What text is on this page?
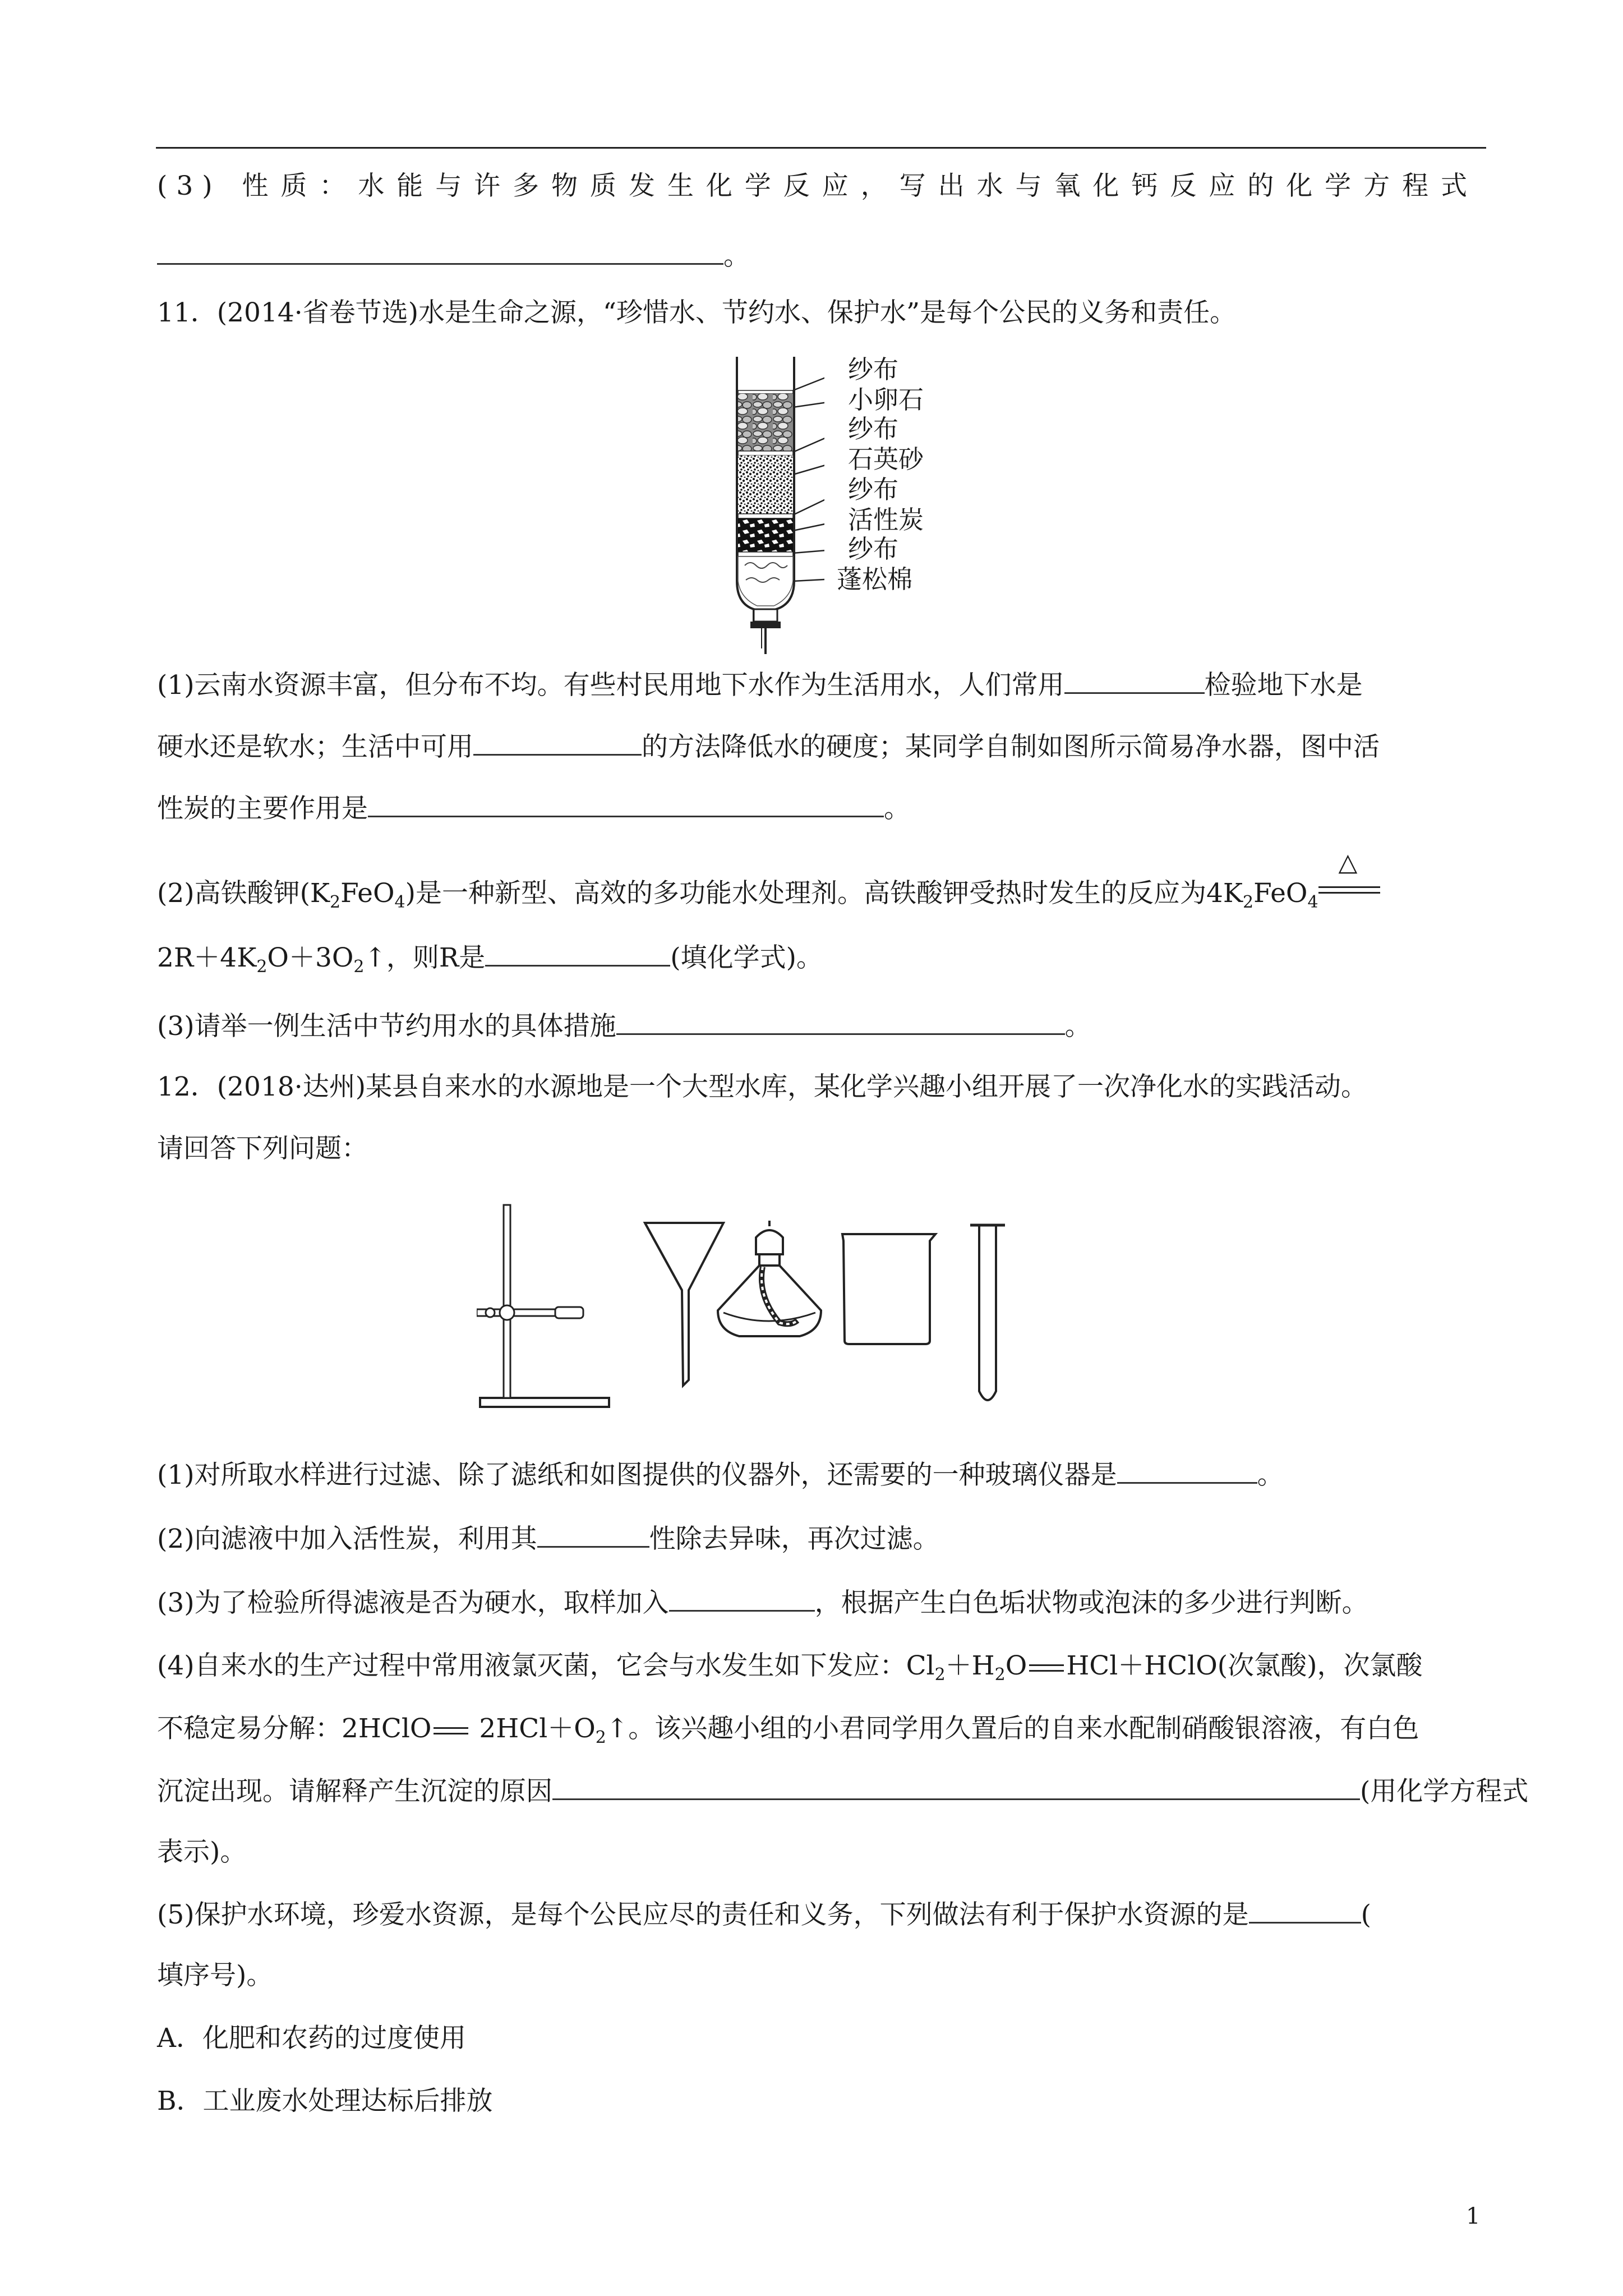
(3) 性质：水能与许多物质发生化学反应，写出水与氧化钙反应的化学方程式
。
11．(2014·省卷节选)水是生命之源，“珍惜水、节约水、保护水”是每个公民的义务和责任。
纱布
小卵石
纱布
石英砂
纱布
活性炭
纱布
蓬松棉
(1)云南水资源丰富，但分布不均。有些村民用地下水作为生活用水，人们常用	检验地下水是
硬水还是软水；生活中可用	的方法降低水的硬度；某同学自制如图所示简易净水器，图中活
性炭的主要作用是	。
(2)高铁酸钾$(K_2FeO_4)$是一种新型、高效的多功能水处理剂。高铁酸钾受热时发生的反应为$4K_2FeO_4$
△
$2R+4K_2O+3O_2↑$，则R是	(填化学式)。
(3)请举一例生活中节约用水的具体措施	。
12．(2018·达州)某县自来水的水源地是一个大型水库，某化学兴趣小组开展了一次净化水的实践活动。
请回答下列问题：
(1)对所取水样进行过滤、除了滤纸和如图提供的仪器外，还需要的一种玻璃仪器是	。
(2)向滤液中加入活性炭，利用其	性除去异味，再次过滤。
(3)为了检验所得滤液是否为硬水，取样加入	，根据产生白色垢状物或泡沫的多少进行判断。
(4)自来水的生产过程中常用液氯灭菌，它会与水发生如下发应：$Cl_2+H_2O$ HCl＋HClO(次氯酸)，次氯酸
不稳定易分解：2HClO
$2HCl+O_2↑$。该兴趣小组的小君同学用久置后的自来水配制硝酸银溶液，有白色
沉淀出现。请解释产生沉淀的原因	(用化学方程式
表示)。
(5)保护水环境，珍爱水资源，是每个公民应尽的责任和义务，下列做法有利于保护水资源的是	(
填序号)。
A．化肥和农药的过度使用
B．工业废水处理达标后排放
1
